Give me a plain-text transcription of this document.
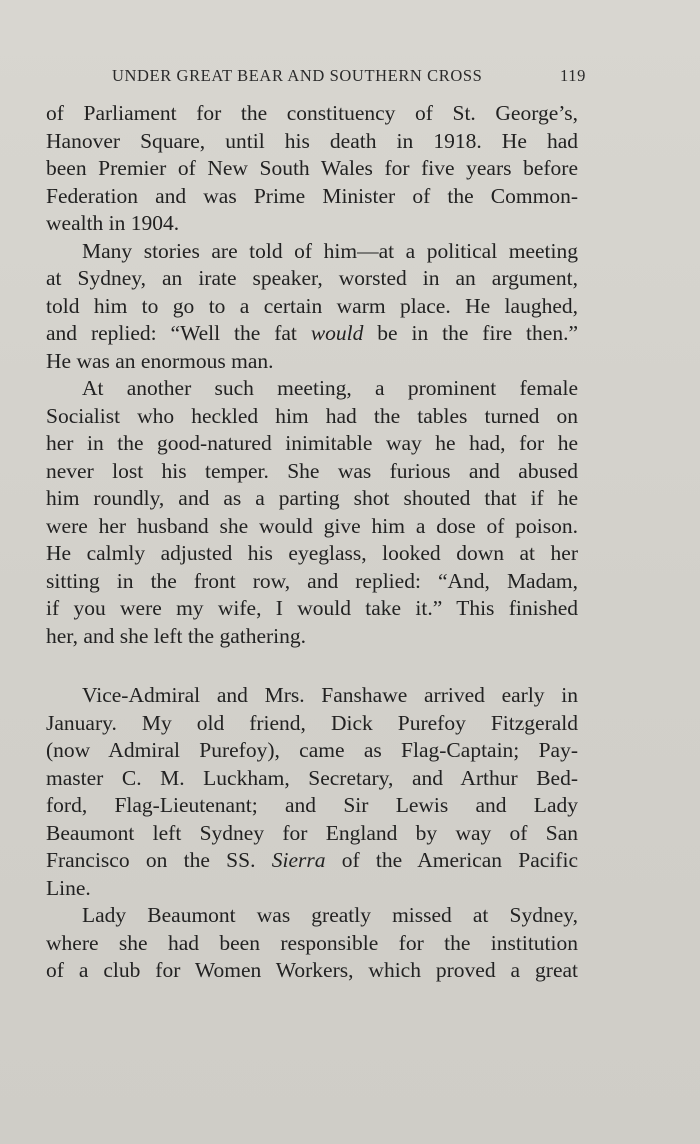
UNDER GREAT BEAR AND SOUTHERN CROSS	119
of Parliament for the constituency of St. George’s,
Hanover Square, until his death in 1918. He had
been Premier of New South Wales for five years before
Federation and was Prime Minister of the Common-
wealth in 1904.
Many stories are told of him—at a political meeting
at Sydney, an irate speaker, worsted in an argument,
told him to go to a certain warm place. He laughed,
and replied: “Well the fat would be in the fire then.”
He was an enormous man.
At another such meeting, a prominent female
Socialist who heckled him had the tables turned on
her in the good-natured inimitable way he had, for he
never lost his temper. She was furious and abused
him roundly, and as a parting shot shouted that if he
were her husband she would give him a dose of poison.
He calmly adjusted his eyeglass, looked down at her
sitting in the front row, and replied: “And, Madam,
if you were my wife, I would take it.” This finished
her, and she left the gathering.
Vice-Admiral and Mrs. Fanshawe arrived early in
January. My old friend, Dick Purefoy Fitzgerald
(now Admiral Purefoy), came as Flag-Captain; Pay-
master C. M. Luckham, Secretary, and Arthur Bed-
ford, Flag-Lieutenant; and Sir Lewis and Lady
Beaumont left Sydney for England by way of San
Francisco on the SS. Sierra of the American Pacific
Line.
Lady Beaumont was greatly missed at Sydney,
where she had been responsible for the institution
of a club for Women Workers, which proved a great
